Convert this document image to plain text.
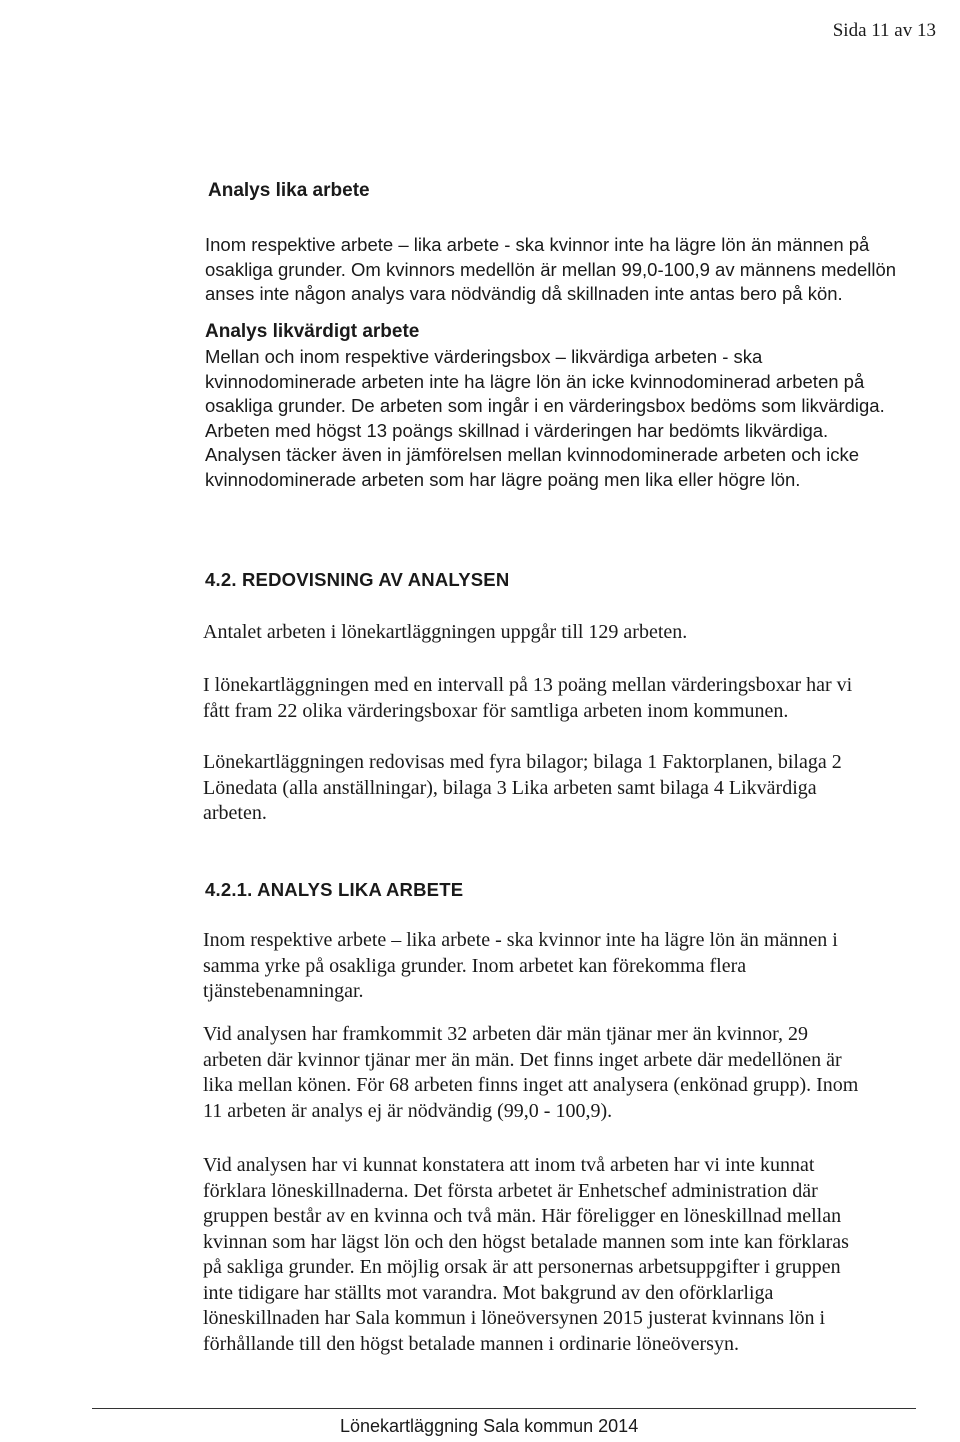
Sida 11 av 13
Analys lika arbete
Inom respektive arbete – lika arbete - ska kvinnor inte ha lägre lön än männen på
osakliga grunder. Om kvinnors medellön är mellan 99,0-100,9 av männens medellön
anses inte någon analys vara nödvändig då skillnaden inte antas bero på kön.
Analys likvärdigt arbete
Mellan och inom respektive värderingsbox – likvärdiga arbeten - ska
kvinnodominerade arbeten inte ha lägre lön än icke kvinnodominerad arbeten på
osakliga grunder. De arbeten som ingår i en värderingsbox bedöms som likvärdiga.
Arbeten med högst 13 poängs skillnad i värderingen har bedömts likvärdiga.
Analysen täcker även in jämförelsen mellan kvinnodominerade arbeten och icke
kvinnodominerade arbeten som har lägre poäng men lika eller högre lön.
4.2. REDOVISNING AV ANALYSEN
Antalet arbeten i lönekartläggningen uppgår till 129 arbeten.
I lönekartläggningen med en intervall på 13 poäng mellan värderingsboxar har vi
fått fram 22 olika värderingsboxar för samtliga arbeten inom kommunen.
Lönekartläggningen redovisas med fyra bilagor; bilaga 1 Faktorplanen, bilaga 2
Lönedata (alla anställningar), bilaga 3 Lika arbeten samt bilaga 4 Likvärdiga
arbeten.
4.2.1. ANALYS LIKA ARBETE
Inom respektive arbete – lika arbete - ska kvinnor inte ha lägre lön än männen i
samma yrke på osakliga grunder. Inom arbetet kan förekomma flera
tjänstebenamningar.
Vid analysen har framkommit 32 arbeten där män tjänar mer än kvinnor, 29
arbeten där kvinnor tjänar mer än män. Det finns inget arbete där medellönen är
lika mellan könen. För 68 arbeten finns inget att analysera (enkönad grupp). Inom
11 arbeten är analys ej är nödvändig (99,0 - 100,9).
Vid analysen har vi kunnat konstatera att inom två arbeten har vi inte kunnat
förklara löneskillnaderna. Det första arbetet är Enhetschef administration där
gruppen består av en kvinna och två män. Här föreligger en löneskillnad mellan
kvinnan som har lägst lön och den högst betalade mannen som inte kan förklaras
på sakliga grunder. En möjlig orsak är att personernas arbetsuppgifter i gruppen
inte tidigare har ställts mot varandra. Mot bakgrund av den oförklarliga
löneskillnaden har Sala kommun i löneöversynen 2015 justerat kvinnans lön i
förhållande till den högst betalade mannen i ordinarie löneöversyn.
Lönekartläggning Sala kommun 2014
